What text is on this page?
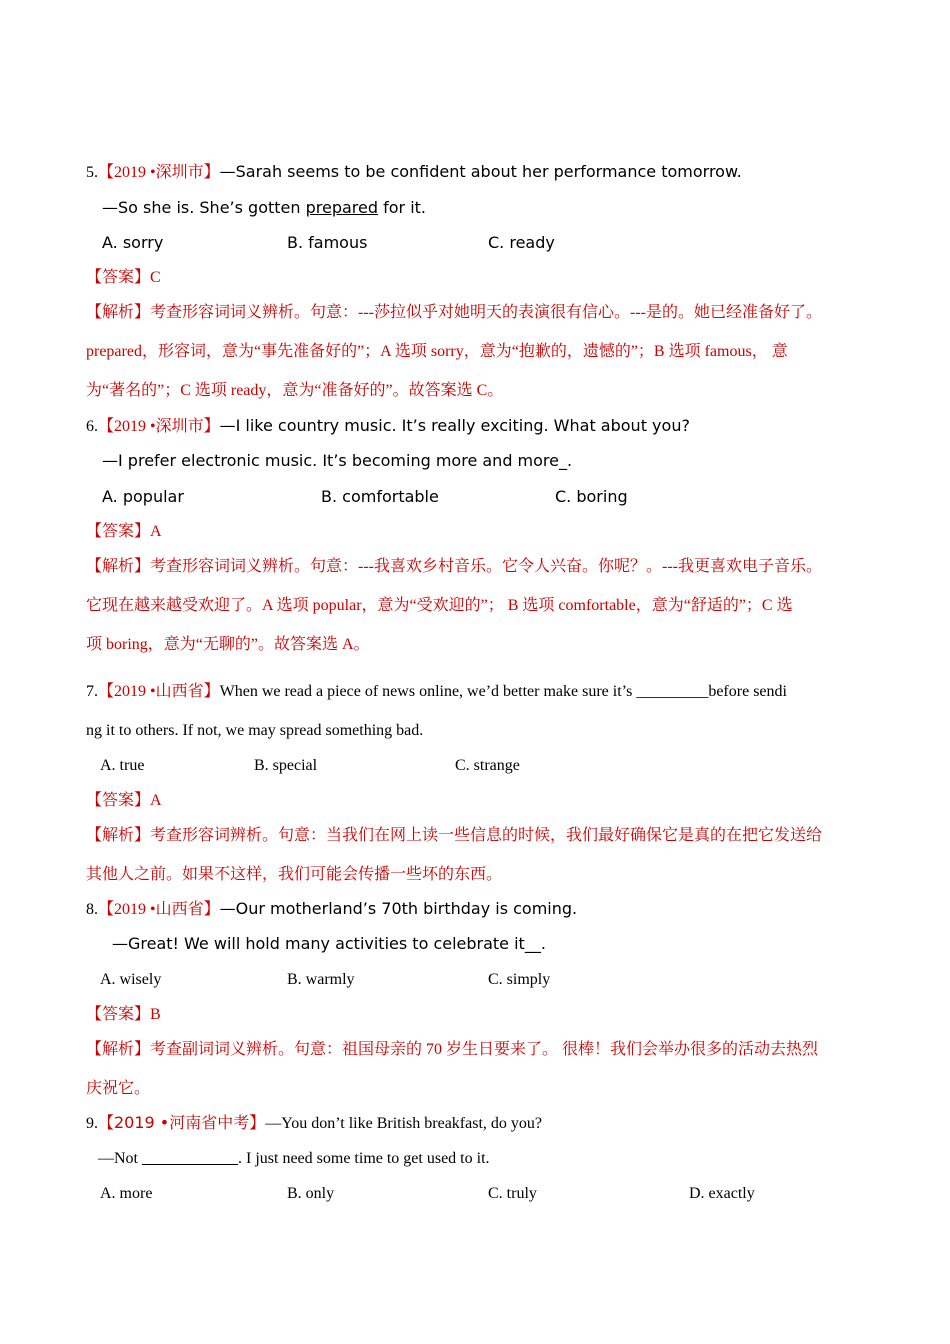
5.【2019 •深圳市】—Sarah seems to be confident about her performance tomorrow.
—So she is. She’s gotten prepared for it.
A. sorry	B. famous	C. ready
【答案】C
【解析】考查形容词词义辨析。句意：---莎拉似乎对她明天的表演很有信心。---是的。她已经准备好了。
prepared，形容词，意为“事先准备好的”；A 选项 sorry，意为“抱歉的，遗憾的”；B 选项 famous， 意
为“著名的”；C 选项 ready，意为“准备好的”。故答案选 C。
6.【2019 •深圳市】—I like country music. It’s really exciting. What about you?
—I prefer electronic music. It’s becoming more and more_.
A. popular	B. comfortable	C. boring
【答案】A
【解析】考查形容词词义辨析。句意：---我喜欢乡村音乐。它令人兴奋。你呢？。---我更喜欢电子音乐。
它现在越来越受欢迎了。A 选项 popular，意为“受欢迎的”； B 选项 comfortable，意为“舒适的”；C 选
项 boring，意为“无聊的”。故答案选 A。
7.【2019 •山西省】When we read a piece of news online, we’d better make sure it’s _________before sendi
ng it to others. If not, we may spread something bad.
A. true	B. special	C. strange
【答案】A
【解析】考查形容词辨析。句意：当我们在网上读一些信息的时候，我们最好确保它是真的在把它发送给
其他人之前。如果不这样，我们可能会传播一些坏的东西。
8.【2019 •山西省】—Our motherland’s 70th birthday is coming.
—Great! We will hold many activities to celebrate it__.
A. wisely	B. warmly	C. simply
【答案】B
【解析】考查副词词义辨析。句意：祖国母亲的 70 岁生日要来了。 很棒！我们会举办很多的活动去热烈
庆祝它。
9.【2019 •河南省中考】—You don’t like British breakfast, do you?
—Not ____________. I just need some time to get used to it.
A. more	B. only	C. truly	D. exactly
